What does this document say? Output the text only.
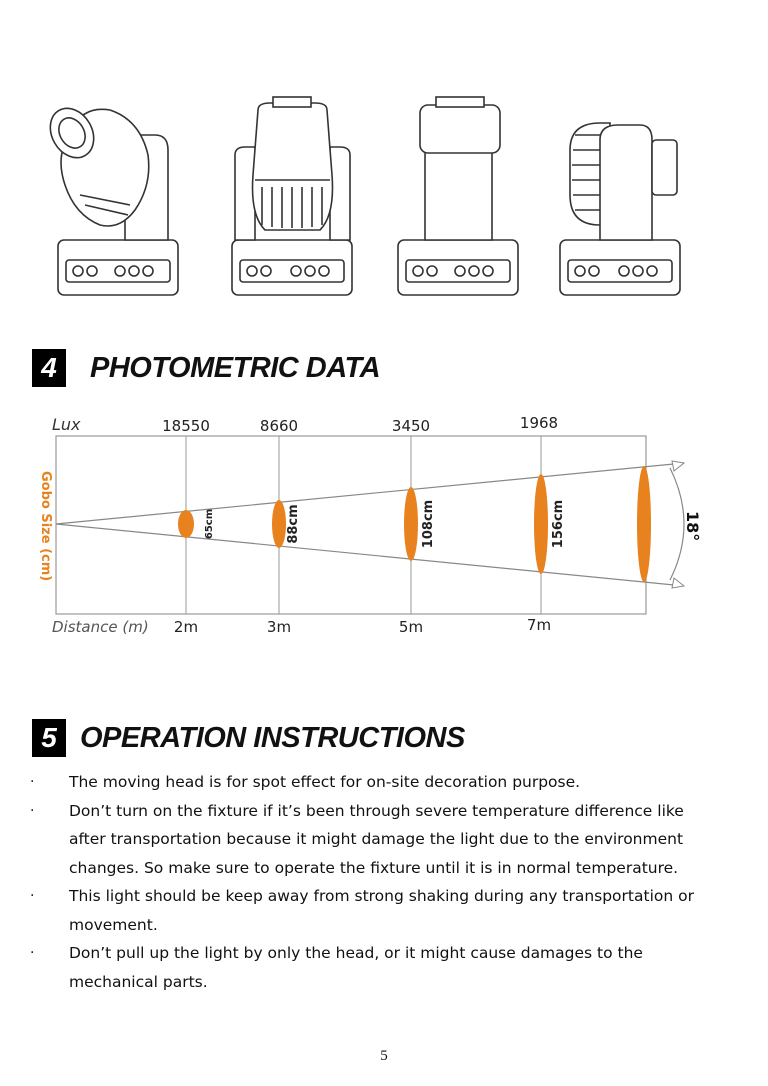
4	PHOTOMETRIC DATA
Lux
Distance (m)
Gobo Size (cm)	18°
18550
2m
65cm
8660
3m
88cm
3450
5m
108cm
1968
7m
156cm
5 OPERATION INSTRUCTIONS
· The moving head is for spot effect for on-site decoration purpose.
· Don’t turn on the fixture if it’s been through severe temperature difference like after transportation because it might damage the light due to the environment changes. So make sure to operate the fixture until it is in normal temperature.
· This light should be keep away from strong shaking during any transportation or movement.
· Don’t pull up the light by only the head, or it might cause damages to the mechanical parts.
5
